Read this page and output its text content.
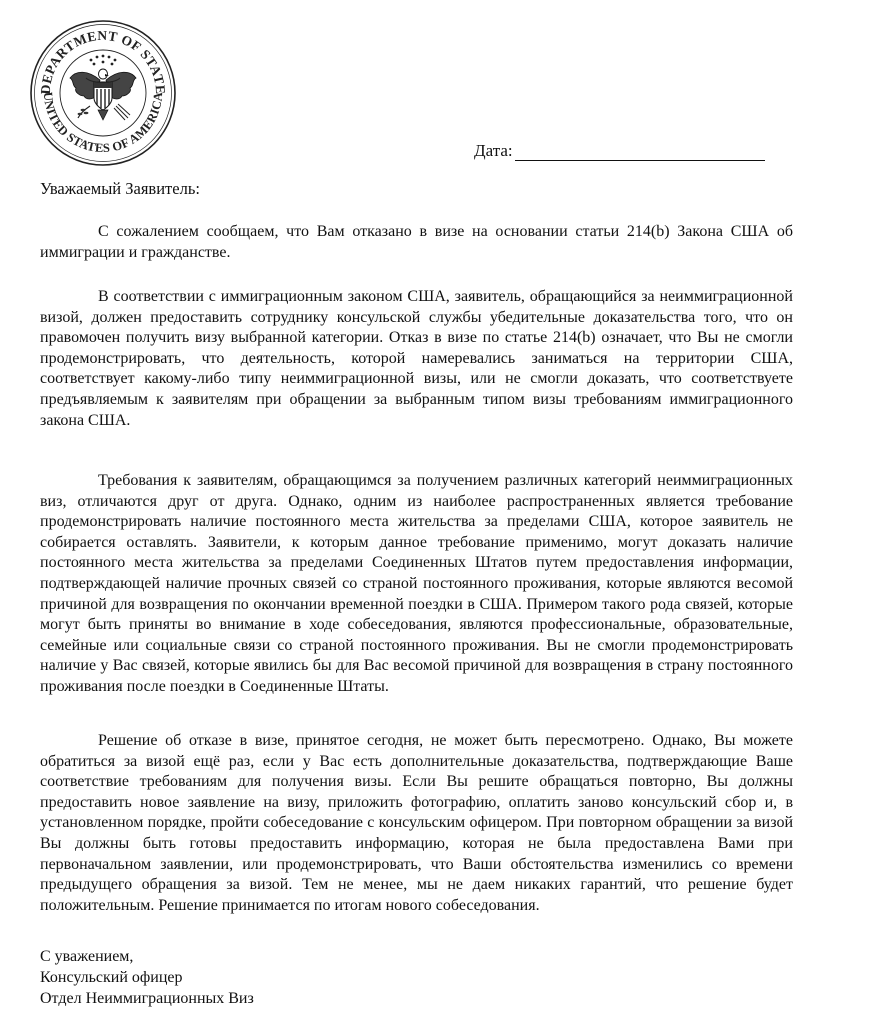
DEPARTMENT OF STATE
UNITED STATES OF AMERICA
Дата:
Уважаемый Заявитель:

С сожалением сообщаем, что Вам отказано в визе на основании статьи 214(b) Закона США об иммиграции и гражданстве.

В соответствии с иммиграционным законом США, заявитель, обращающийся за неиммиграционной визой, должен предоставить сотруднику консульской службы убедительные доказательства того, что он правомочен получить визу выбранной категории. Отказ в визе по статье 214(b) означает, что Вы не смогли продемонстрировать, что деятельность, которой намеревались заниматься на территории США, соответствует какому-либо типу неиммиграционной визы, или не смогли доказать, что соответствуете предъявляемым к заявителям при обращении за выбранным типом визы требованиям иммиграционного закона США.

Требования к заявителям, обращающимся за получением различных категорий неиммиграционных виз, отличаются друг от друга. Однако, одним из наиболее распространенных является требование продемонстрировать наличие постоянного места жительства за пределами США, которое заявитель не собирается оставлять. Заявители, к которым данное требование применимо, могут доказать наличие постоянного места жительства за пределами Соединенных Штатов путем предоставления информации, подтверждающей наличие прочных связей со страной постоянного проживания, которые являются весомой причиной для возвращения по окончании временной поездки в США. Примером такого рода связей, которые могут быть приняты во внимание в ходе собеседования, являются профессиональные, образовательные, семейные или социальные связи со страной постоянного проживания. Вы не смогли продемонстрировать наличие у Вас связей, которые явились бы для Вас весомой причиной для возвращения в страну постоянного проживания после поездки в Соединенные Штаты.

Решение об отказе в визе, принятое сегодня, не может быть пересмотрено. Однако, Вы можете обратиться за визой ещё раз, если у Вас есть дополнительные доказательства, подтверждающие Ваше соответствие требованиям для получения визы. Если Вы решите обращаться повторно, Вы должны предоставить новое заявление на визу, приложить фотографию, оплатить заново консульский сбор и, в установленном порядке, пройти собеседование с консульским офицером. При повторном обращении за визой Вы должны быть готовы предоставить информацию, которая не была предоставлена Вами при первоначальном заявлении, или продемонстрировать, что Ваши обстоятельства изменились со времени предыдущего обращения за визой. Тем не менее, мы не даем никаких гарантий, что решение будет положительным. Решение принимается по итогам нового собеседования.

С уважением,
Консульский офицер
Отдел Неиммиграционных Виз
